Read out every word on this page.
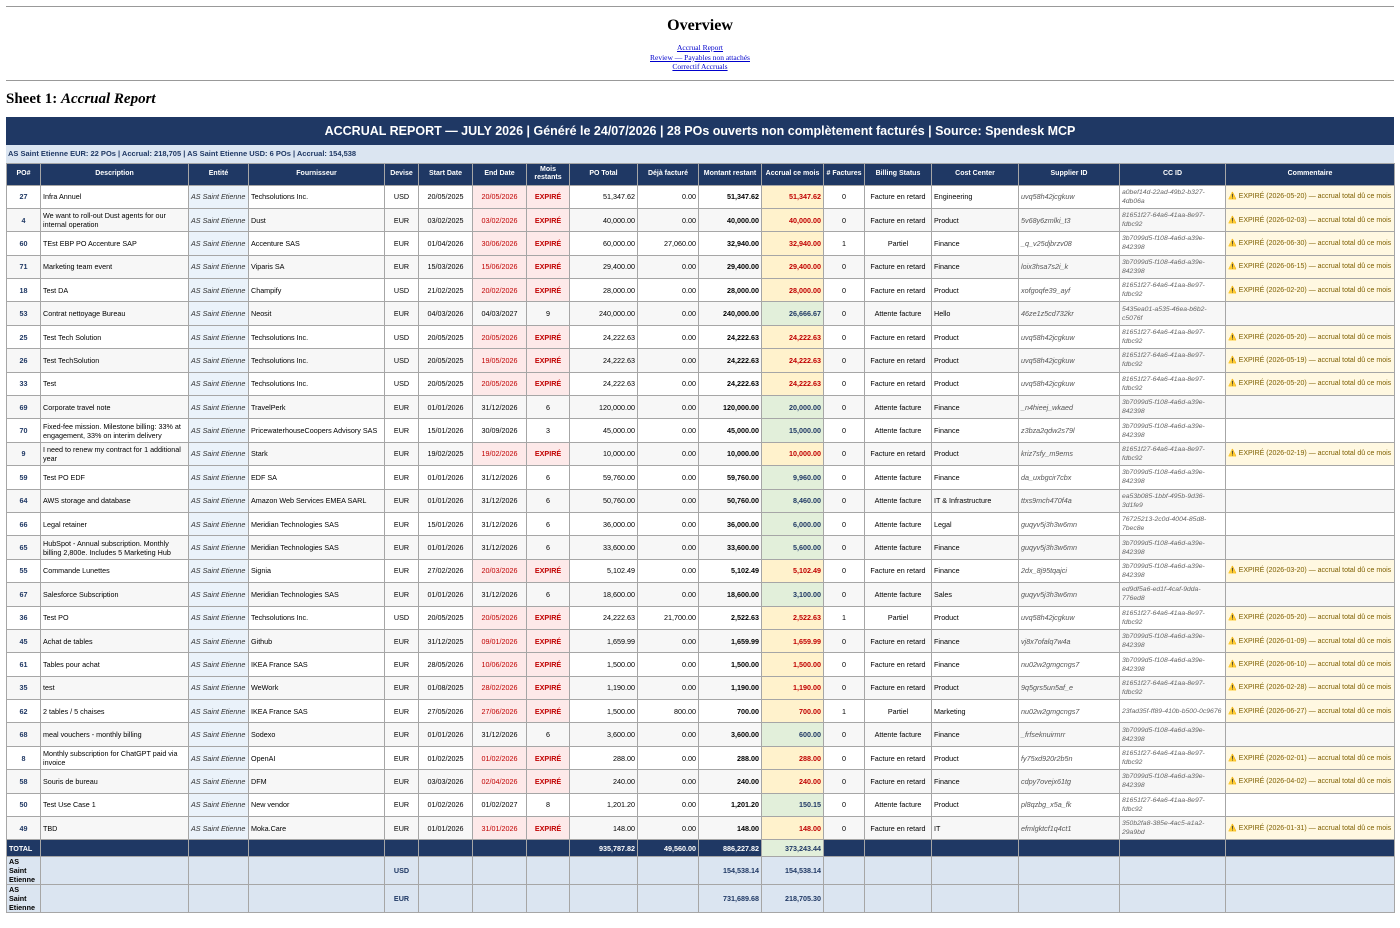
Overview
Accrual Report
Review — Payables non attachés
Correctif Accruals
Sheet 1: Accrual Report
ACCRUAL REPORT — JULY 2026 | Généré le 24/07/2026 | 28 POs ouverts non complètement facturés | Source: Spendesk MCP
AS Saint Etienne EUR: 22 POs | Accrual: 218,705 | AS Saint Etienne USD: 6 POs | Accrual: 154,538
PO#	Description	Entité	Fournisseur	Devise	Start Date	End Date	Mois restants	PO Total	Déjà facturé	Montant restant	Accrual ce mois	# Factures	Billing Status	Cost Center	Supplier ID	CC ID	Commentaire
27	Infra Annuel	AS Saint Etienne	Techsolutions Inc.	USD	20/05/2025	20/05/2026	EXPIRÉ	51,347.62	0.00	51,347.62	51,347.62	0	Facture en retard	Engineering	uvq58h42jcgkuw	a0bef14d-22ad-49b2-b327-4db06a	⚠️ EXPIRÉ (2026-05-20) — accrual total dû ce mois
4	We want to roll-out Dust agents for our internal operation	AS Saint Etienne	Dust	EUR	03/02/2025	03/02/2026	EXPIRÉ	40,000.00	0.00	40,000.00	40,000.00	0	Facture en retard	Product	5v68y6zmlki_t3	81651f27-64a6-41aa-8e97-fdbc92	⚠️ EXPIRÉ (2026-02-03) — accrual total dû ce mois
60	TEst EBP PO Accenture SAP	AS Saint Etienne	Accenture SAS	EUR	01/04/2026	30/06/2026	EXPIRÉ	60,000.00	27,060.00	32,940.00	32,940.00	1	Partiel	Finance	_q_v25djbrzv08	3b7099d5-f108-4a6d-a39e-842398	⚠️ EXPIRÉ (2026-06-30) — accrual total dû ce mois
71	Marketing team event	AS Saint Etienne	Viparis SA	EUR	15/03/2026	15/06/2026	EXPIRÉ	29,400.00	0.00	29,400.00	29,400.00	0	Facture en retard	Finance	loix3hsa7s2i_k	3b7099d5-f108-4a6d-a39e-842398	⚠️ EXPIRÉ (2026-06-15) — accrual total dû ce mois
18	Test DA	AS Saint Etienne	Champify	USD	21/02/2025	20/02/2026	EXPIRÉ	28,000.00	0.00	28,000.00	28,000.00	0	Facture en retard	Product	xofgoqfe39_ayf	81651f27-64a6-41aa-8e97-fdbc92	⚠️ EXPIRÉ (2026-02-20) — accrual total dû ce mois
53	Contrat nettoyage Bureau	AS Saint Etienne	Neosit	EUR	04/03/2026	04/03/2027	9	240,000.00	0.00	240,000.00	26,666.67	0	Attente facture	Hello	46ze1z5cd732kr	5435ea01-a535-46ea-b6b2-c5076f	
25	Test Tech Solution	AS Saint Etienne	Techsolutions Inc.	USD	20/05/2025	20/05/2026	EXPIRÉ	24,222.63	0.00	24,222.63	24,222.63	0	Facture en retard	Product	uvq58h42jcgkuw	81651f27-64a6-41aa-8e97-fdbc92	⚠️ EXPIRÉ (2026-05-20) — accrual total dû ce mois
26	Test TechSolution	AS Saint Etienne	Techsolutions Inc.	USD	20/05/2025	19/05/2026	EXPIRÉ	24,222.63	0.00	24,222.63	24,222.63	0	Facture en retard	Product	uvq58h42jcgkuw	81651f27-64a6-41aa-8e97-fdbc92	⚠️ EXPIRÉ (2026-05-19) — accrual total dû ce mois
33	Test	AS Saint Etienne	Techsolutions Inc.	USD	20/05/2025	20/05/2026	EXPIRÉ	24,222.63	0.00	24,222.63	24,222.63	0	Facture en retard	Product	uvq58h42jcgkuw	81651f27-64a6-41aa-8e97-fdbc92	⚠️ EXPIRÉ (2026-05-20) — accrual total dû ce mois
69	Corporate travel note	AS Saint Etienne	TravelPerk	EUR	01/01/2026	31/12/2026	6	120,000.00	0.00	120,000.00	20,000.00	0	Attente facture	Finance	_n4hieej_wkaed	3b7099d5-f108-4a6d-a39e-842398	
70	Fixed-fee mission. Milestone billing: 33% at engagement, 33% on interim delivery	AS Saint Etienne	PricewaterhouseCoopers Advisory SAS	EUR	15/01/2026	30/09/2026	3	45,000.00	0.00	45,000.00	15,000.00	0	Attente facture	Finance	z3bza2qdw2s79l	3b7099d5-f108-4a6d-a39e-842398	
9	I need to renew my contract for 1 additional year	AS Saint Etienne	Stark	EUR	19/02/2025	19/02/2026	EXPIRÉ	10,000.00	0.00	10,000.00	10,000.00	0	Facture en retard	Product	kriz7sfy_m9ems	81651f27-64a6-41aa-8e97-fdbc92	⚠️ EXPIRÉ (2026-02-19) — accrual total dû ce mois
59	Test PO EDF	AS Saint Etienne	EDF SA	EUR	01/01/2026	31/12/2026	6	59,760.00	0.00	59,760.00	9,960.00	0	Attente facture	Finance	da_uxbgcir7cbx	3b7099d5-f108-4a6d-a39e-842398	
64	AWS storage and database	AS Saint Etienne	Amazon Web Services EMEA SARL	EUR	01/01/2026	31/12/2026	6	50,760.00	0.00	50,760.00	8,460.00	0	Attente facture	IT & Infrastructure	ttxs9mch470f4a	ea53b085-1bbf-495b-9d36-3d1fe9	
66	Legal retainer	AS Saint Etienne	Meridian Technologies SAS	EUR	15/01/2026	31/12/2026	6	36,000.00	0.00	36,000.00	6,000.00	0	Attente facture	Legal	guqyv5j3h3w6mn	76725213-2c0d-4004-85d8-7bec8e	
65	HubSpot - Annual subscription. Monthly billing 2,800e. Includes 5 Marketing Hub	AS Saint Etienne	Meridian Technologies SAS	EUR	01/01/2026	31/12/2026	6	33,600.00	0.00	33,600.00	5,600.00	0	Attente facture	Finance	guqyv5j3h3w6mn	3b7099d5-f108-4a6d-a39e-842398	
55	Commande Lunettes	AS Saint Etienne	Signia	EUR	27/02/2026	20/03/2026	EXPIRÉ	5,102.49	0.00	5,102.49	5,102.49	0	Facture en retard	Finance	2dx_8j95tqajci	3b7099d5-f108-4a6d-a39e-842398	⚠️ EXPIRÉ (2026-03-20) — accrual total dû ce mois
67	Salesforce Subscription	AS Saint Etienne	Meridian Technologies SAS	EUR	01/01/2026	31/12/2026	6	18,600.00	0.00	18,600.00	3,100.00	0	Attente facture	Sales	guqyv5j3h3w6mn	ed9df5a6-ed1f-4caf-9dda-776ed8	
36	Test PO	AS Saint Etienne	Techsolutions Inc.	USD	20/05/2025	20/05/2026	EXPIRÉ	24,222.63	21,700.00	2,522.63	2,522.63	1	Partiel	Product	uvq58h42jcgkuw	81651f27-64a6-41aa-8e97-fdbc92	⚠️ EXPIRÉ (2026-05-20) — accrual total dû ce mois
45	Achat de tables	AS Saint Etienne	Github	EUR	31/12/2025	09/01/2026	EXPIRÉ	1,659.99	0.00	1,659.99	1,659.99	0	Facture en retard	Finance	vj8x7ofalq7w4a	3b7099d5-f108-4a6d-a39e-842398	⚠️ EXPIRÉ (2026-01-09) — accrual total dû ce mois
61	Tables pour achat	AS Saint Etienne	IKEA France SAS	EUR	28/05/2026	10/06/2026	EXPIRÉ	1,500.00	0.00	1,500.00	1,500.00	0	Facture en retard	Finance	nu02w2gmgcngs7	3b7099d5-f108-4a6d-a39e-842398	⚠️ EXPIRÉ (2026-06-10) — accrual total dû ce mois
35	test	AS Saint Etienne	WeWork	EUR	01/08/2025	28/02/2026	EXPIRÉ	1,190.00	0.00	1,190.00	1,190.00	0	Facture en retard	Product	9q5grs5un5af_e	81651f27-64a6-41aa-8e97-fdbc92	⚠️ EXPIRÉ (2026-02-28) — accrual total dû ce mois
62	2 tables / 5 chaises	AS Saint Etienne	IKEA France SAS	EUR	27/05/2026	27/06/2026	EXPIRÉ	1,500.00	800.00	700.00	700.00	1	Partiel	Marketing	nu02w2gmgcngs7	23fad35f-ff89-410b-b500-0c9676	⚠️ EXPIRÉ (2026-06-27) — accrual total dû ce mois
68	meal vouchers - monthly billing	AS Saint Etienne	Sodexo	EUR	01/01/2026	31/12/2026	6	3,600.00	0.00	3,600.00	600.00	0	Attente facture	Finance	_frfseknuirmrr	3b7099d5-f108-4a6d-a39e-842398	
8	Monthly subscription for ChatGPT paid via invoice	AS Saint Etienne	OpenAI	EUR	01/02/2025	01/02/2026	EXPIRÉ	288.00	0.00	288.00	288.00	0	Facture en retard	Product	fy75xd920r2b5n	81651f27-64a6-41aa-8e97-fdbc92	⚠️ EXPIRÉ (2026-02-01) — accrual total dû ce mois
58	Souris de bureau	AS Saint Etienne	DFM	EUR	03/03/2026	02/04/2026	EXPIRÉ	240.00	0.00	240.00	240.00	0	Facture en retard	Finance	cdpy7ovejx61tg	3b7099d5-f108-4a6d-a39e-842398	⚠️ EXPIRÉ (2026-04-02) — accrual total dû ce mois
50	Test Use Case 1	AS Saint Etienne	New vendor	EUR	01/02/2026	01/02/2027	8	1,201.20	0.00	1,201.20	150.15	0	Attente facture	Product	pl8qzbg_x5a_fk	81651f27-64a6-41aa-8e97-fdbc92	
49	TBD	AS Saint Etienne	Moka.Care	EUR	01/01/2026	31/01/2026	EXPIRÉ	148.00	0.00	148.00	148.00	0	Facture en retard	IT	efmlgktcf1q4ct1	350b2fa8-385e-4ac5-a1a2-29a9bd	⚠️ EXPIRÉ (2026-01-31) — accrual total dû ce mois
TOTAL								935,787.82	49,560.00	886,227.82	373,243.44						
AS Saint Etienne				USD						154,538.14	154,538.14						
AS Saint Etienne				EUR						731,689.68	218,705.30						
